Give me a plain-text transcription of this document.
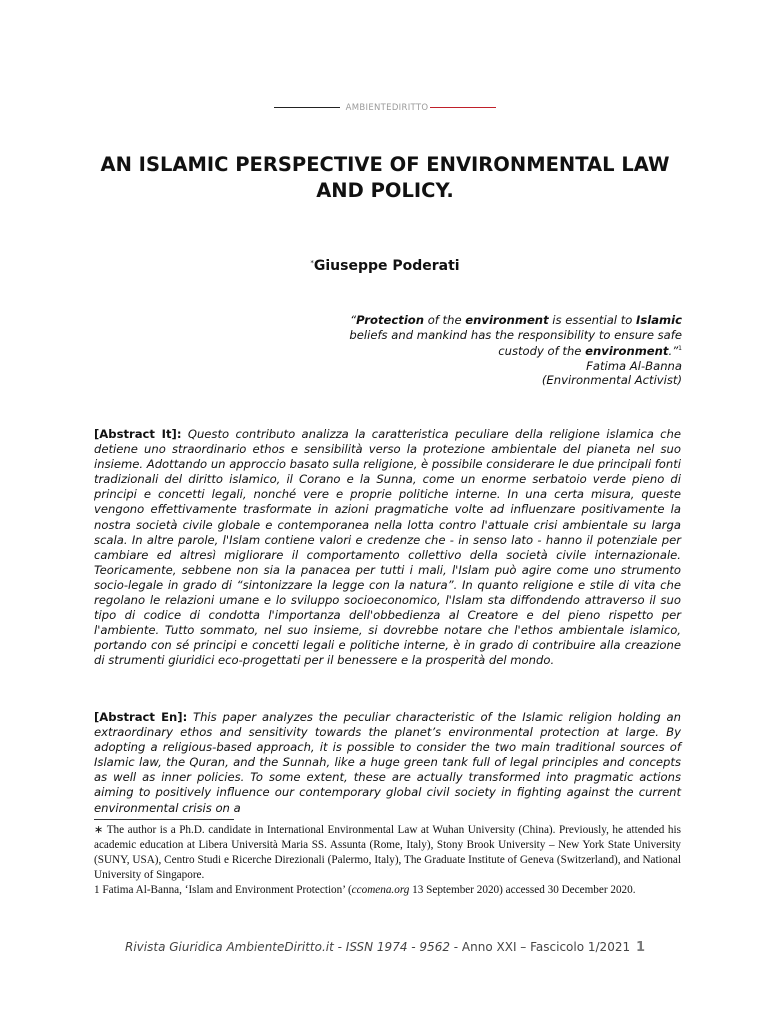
AMBIENTEDIRITTO
AN ISLAMIC PERSPECTIVE OF ENVIRONMENTAL LAW AND POLICY.
*Giuseppe Poderati

“Protection of the environment is essential to Islamic beliefs and mankind has the responsibility to ensure safe custody of the environment.”$^1$
Fatima Al-Banna
(Environmental Activist)

[Abstract It]: Questo contributo analizza la caratteristica peculiare della religione islamica che detiene uno straordinario ethos e sensibilità verso la protezione ambientale del pianeta nel suo insieme. Adottando un approccio basato sulla religione, è possibile considerare le due principali fonti tradizionali del diritto islamico, il Corano e la Sunna, come un enorme serbatoio verde pieno di principi e concetti legali, nonché vere e proprie politiche interne. In una certa misura, queste vengono effettivamente trasformate in azioni pragmatiche volte ad influenzare positivamente la nostra società civile globale e contemporanea nella lotta contro l'attuale crisi ambientale su larga scala. In altre parole, l'Islam contiene valori e credenze che - in senso lato - hanno il potenziale per cambiare ed altresì migliorare il comportamento collettivo della società civile internazionale. Teoricamente, sebbene non sia la panacea per tutti i mali, l'Islam può agire come uno strumento socio-legale in grado di “sintonizzare la legge con la natura”. In quanto religione e stile di vita che regolano le relazioni umane e lo sviluppo socioeconomico, l'Islam sta diffondendo attraverso il suo tipo di codice di condotta l'importanza dell'obbedienza al Creatore e del pieno rispetto per l'ambiente. Tutto sommato, nel suo insieme, si dovrebbe notare che l'ethos ambientale islamico, portando con sé principi e concetti legali e politiche interne, è in grado di contribuire alla creazione di strumenti giuridici eco-progettati per il benessere e la prosperità del mondo.

[Abstract En]: This paper analyzes the peculiar characteristic of the Islamic religion holding an extraordinary ethos and sensitivity towards the planet’s environmental protection at large. By adopting a religious-based approach, it is possible to consider the two main traditional sources of Islamic law, the Quran, and the Sunnah, like a huge green tank full of legal principles and concepts as well as inner policies. To some extent, these are actually transformed into pragmatic actions aiming to positively influence our contemporary global civil society in fighting against the current environmental crisis on a

∗ The author is a Ph.D. candidate in International Environmental Law at Wuhan University (China). Previously, he attended his academic education at Libera Università Maria SS. Assunta (Rome, Italy), Stony Brook University – New York State University (SUNY, USA), Centro Studi e Ricerche Direzionali (Palermo, Italy), The Graduate Institute of Geneva (Switzerland), and National University of Singapore.

1 Fatima Al-Banna, ‘Islam and Environment Protection’ (ccomena.org 13 September 2020) accessed 30 December 2020.

Rivista Giuridica AmbienteDiritto.it - ISSN 1974 - 9562 - Anno XXI – Fascicolo 1/2021 1
